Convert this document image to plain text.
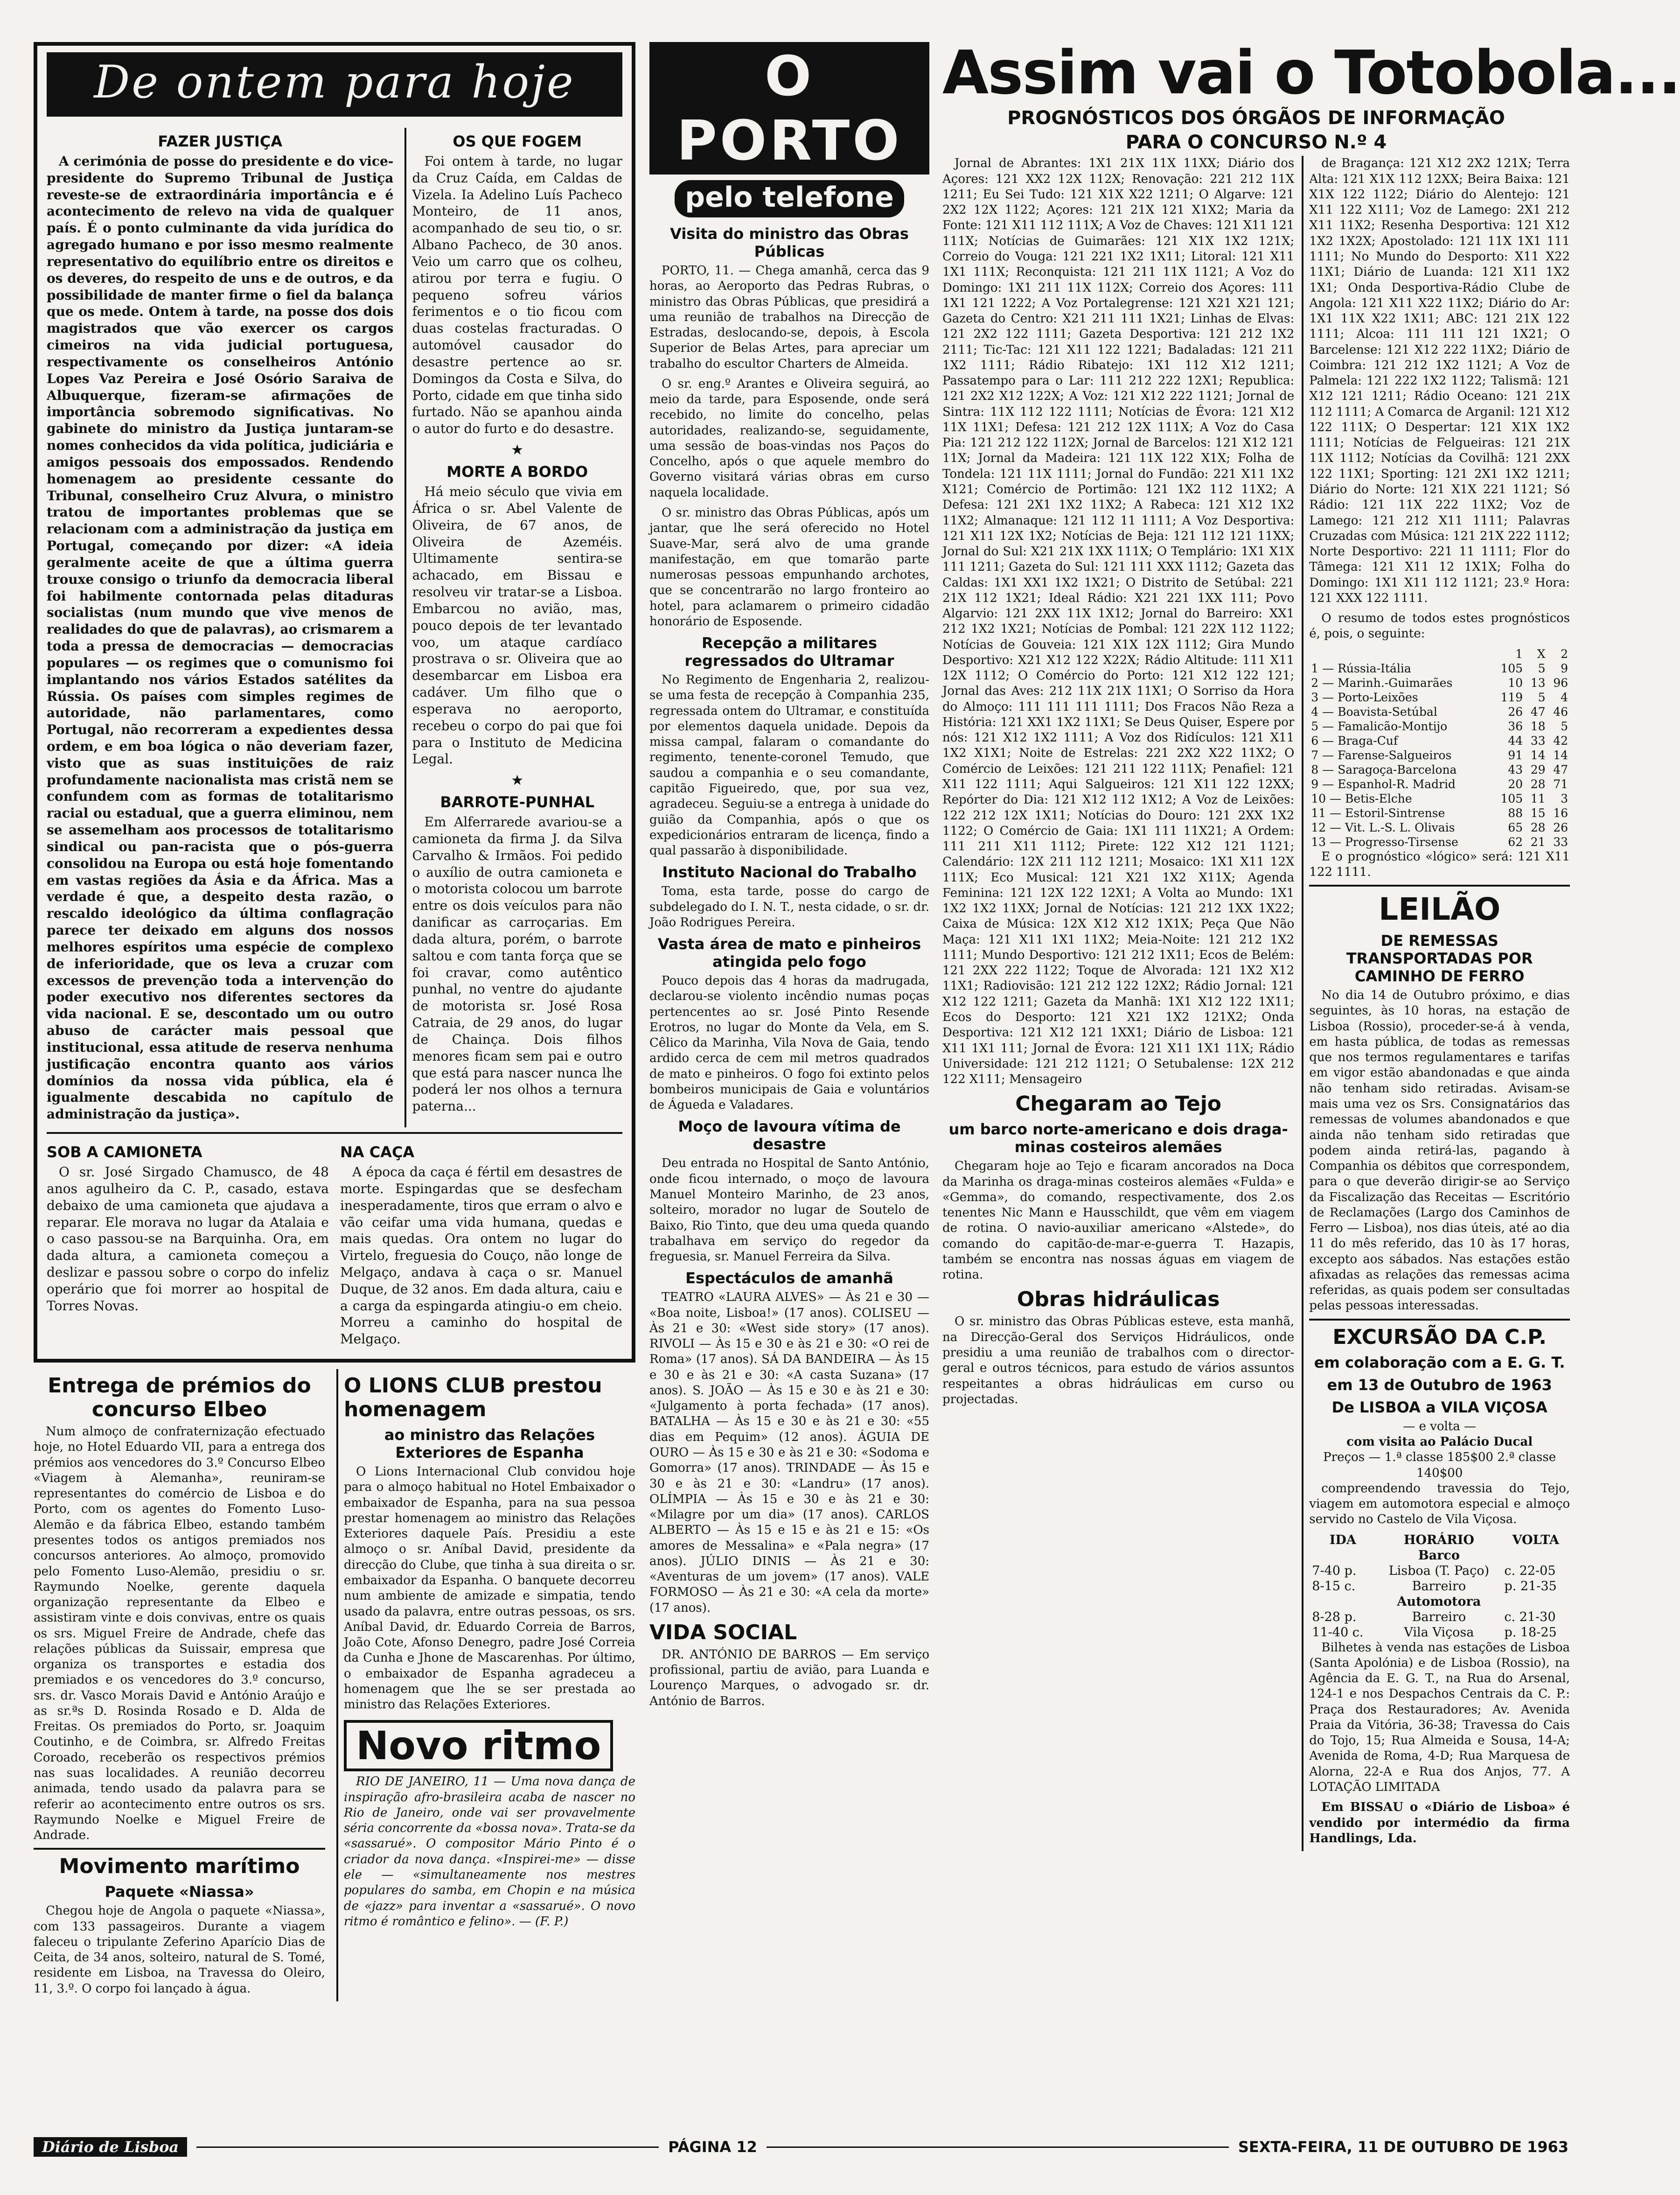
De ontem para hoje
FAZER JUSTIÇA

A cerimónia de posse do presidente e do vice-presidente do Supremo Tribunal de Justiça reveste-se de extraordinária importância e é acontecimento de relevo na vida de qualquer país. É o ponto culminante da vida jurídica do agregado humano e por isso mesmo realmente representativo do equilíbrio entre os direitos e os deveres, do respeito de uns e de outros, e da possibilidade de manter firme o fiel da balança que os mede. Ontem à tarde, na posse dos dois magistrados que vão exercer os cargos cimeiros na vida judicial portuguesa, respectivamente os conselheiros António Lopes Vaz Pereira e José Osório Saraiva de Albuquerque, fizeram-se afirmações de importância sobremodo significativas. No gabinete do ministro da Justiça juntaram-se nomes conhecidos da vida política, judiciária e amigos pessoais dos empossados. Rendendo homenagem ao presidente cessante do Tribunal, conselheiro Cruz Alvura, o ministro tratou de importantes problemas que se relacionam com a administração da justiça em Portugal, começando por dizer: «A ideia geralmente aceite de que a última guerra trouxe consigo o triunfo da democracia liberal foi habilmente contornada pelas ditaduras socialistas (num mundo que vive menos de realidades do que de palavras), ao crismarem a toda a pressa de democracias — democracias populares — os regimes que o comunismo foi implantando nos vários Estados satélites da Rússia. Os países com simples regimes de autoridade, não parlamentares, como Portugal, não recorreram a expedientes dessa ordem, e em boa lógica o não deveriam fazer, visto que as suas instituições de raiz profundamente nacionalista mas cristã nem se confundem com as formas de totalitarismo racial ou estadual, que a guerra eliminou, nem se assemelham aos processos de totalitarismo sindical ou pan-racista que o pós-guerra consolidou na Europa ou está hoje fomentando em vastas regiões da Ásia e da África. Mas a verdade é que, a despeito desta razão, o rescaldo ideológico da última conflagração parece ter deixado em alguns dos nossos melhores espíritos uma espécie de complexo de inferioridade, que os leva a cruzar com excessos de prevenção toda a intervenção do poder executivo nos diferentes sectores da vida nacional. E se, descontado um ou outro abuso de carácter mais pessoal que institucional, essa atitude de reserva nenhuma justificação encontra quanto aos vários domínios da nossa vida pública, ela é igualmente descabida no capítulo de administração da justiça».

OS QUE FOGEM

Foi ontem à tarde, no lugar da Cruz Caída, em Caldas de Vizela. Ia Adelino Luís Pacheco Monteiro, de 11 anos, acompanhado de seu tio, o sr. Albano Pacheco, de 30 anos. Veio um carro que os colheu, atirou por terra e fugiu. O pequeno sofreu vários ferimentos e o tio ficou com duas costelas fracturadas. O automóvel causador do desastre pertence ao sr. Domingos da Costa e Silva, do Porto, cidade em que tinha sido furtado. Não se apanhou ainda o autor do furto e do desastre.

★
MORTE A BORDO

Há meio século que vivia em África o sr. Abel Valente de Oliveira, de 67 anos, de Oliveira de Azeméis. Ultimamente sentira-se achacado, em Bissau e resolveu vir tratar-se a Lisboa. Embarcou no avião, mas, pouco depois de ter levantado voo, um ataque cardíaco prostrava o sr. Oliveira que ao desembarcar em Lisboa era cadáver. Um filho que o esperava no aeroporto, recebeu o corpo do pai que foi para o Instituto de Medicina Legal.

★
BARROTE-PUNHAL

Em Alferrarede avariou-se a camioneta da firma J. da Silva Carvalho & Irmãos. Foi pedido o auxílio de outra camioneta e o motorista colocou um barrote entre os dois veículos para não danificar as carroçarias. Em dada altura, porém, o barrote saltou e com tanta força que se foi cravar, como autêntico punhal, no ventre do ajudante de motorista sr. José Rosa Catraia, de 29 anos, do lugar de Chainça. Dois filhos menores ficam sem pai e outro que está para nascer nunca lhe poderá ler nos olhos a ternura paterna...

SOB A CAMIONETA

O sr. José Sirgado Chamusco, de 48 anos agulheiro da C. P., casado, estava debaixo de uma camioneta que ajudava a reparar. Ele morava no lugar da Atalaia e o caso passou-se na Barquinha. Ora, em dada altura, a camioneta começou a deslizar e passou sobre o corpo do infeliz operário que foi morrer ao hospital de Torres Novas.

NA CAÇA

A época da caça é fértil em desastres de morte. Espingardas que se desfecham inesperadamente, tiros que erram o alvo e vão ceifar uma vida humana, quedas e mais quedas. Ora ontem no lugar do Virtelo, freguesia do Couço, não longe de Melgaço, andava à caça o sr. Manuel Duque, de 32 anos. Em dada altura, caiu e a carga da espingarda atingiu-o em cheio. Morreu a caminho do hospital de Melgaço.

Entrega de prémios do concurso Elbeo

Num almoço de confraternização efectuado hoje, no Hotel Eduardo VII, para a entrega dos prémios aos vencedores do 3.º Concurso Elbeo «Viagem à Alemanha», reuniram-se representantes do comércio de Lisboa e do Porto, com os agentes do Fomento Luso-Alemão e da fábrica Elbeo, estando também presentes todos os antigos premiados nos concursos anteriores. Ao almoço, promovido pelo Fomento Luso-Alemão, presidiu o sr. Raymundo Noelke, gerente daquela organização representante da Elbeo e assistiram vinte e dois convivas, entre os quais os srs. Miguel Freire de Andrade, chefe das relações públicas da Suissair, empresa que organiza os transportes e estadia dos premiados e os vencedores do 3.º concurso, srs. dr. Vasco Morais David e António Araújo e as sr.ªs D. Rosinda Rosado e D. Alda de Freitas. Os premiados do Porto, sr. Joaquim Coutinho, e de Coimbra, sr. Alfredo Freitas Coroado, receberão os respectivos prémios nas suas localidades. A reunião decorreu animada, tendo usado da palavra para se referir ao acontecimento entre outros os srs. Raymundo Noelke e Miguel Freire de Andrade.

Movimento marítimo
Paquete «Niassa»

Chegou hoje de Angola o paquete «Niassa», com 133 passageiros. Durante a viagem faleceu o tripulante Zeferino Aparício Dias de Ceita, de 34 anos, solteiro, natural de S. Tomé, residente em Lisboa, na Travessa do Oleiro, 11, 3.º. O corpo foi lançado à água.

O LIONS CLUB prestou homenagem
ao ministro das Relações Exteriores de Espanha

O Lions Internacional Club convidou hoje para o almoço habitual no Hotel Embaixador o embaixador de Espanha, para na sua pessoa prestar homenagem ao ministro das Relações Exteriores daquele País. Presidiu a este almoço o sr. Aníbal David, presidente da direcção do Clube, que tinha à sua direita o sr. embaixador da Espanha. O banquete decorreu num ambiente de amizade e simpatia, tendo usado da palavra, entre outras pessoas, os srs. Aníbal David, dr. Eduardo Correia de Barros, João Cote, Afonso Denegro, padre José Correia da Cunha e Jhone de Mascarenhas. Por último, o embaixador de Espanha agradeceu a homenagem que lhe se ser prestada ao ministro das Relações Exteriores.

Novo ritmo

RIO DE JANEIRO, 11 — Uma nova dança de inspiração afro-brasileira acaba de nascer no Rio de Janeiro, onde vai ser provavelmente séria concorrente da «bossa nova». Trata-se da «sassarué». O compositor Mário Pinto é o criador da nova dança. «Inspirei-me» — disse ele — «simultaneamente nos mestres populares do samba, em Chopin e na música de «jazz» para inventar a «sassarué». O novo ritmo é romântico e felino». — (F. P.)

O PORTO
pelo telefone
Visita do ministro das Obras Públicas

PORTO, 11. — Chega amanhã, cerca das 9 horas, ao Aeroporto das Pedras Rubras, o ministro das Obras Públicas, que presidirá a uma reunião de trabalhos na Direcção de Estradas, deslocando-se, depois, à Escola Superior de Belas Artes, para apreciar um trabalho do escultor Charters de Almeida.

O sr. eng.º Arantes e Oliveira seguirá, ao meio da tarde, para Esposende, onde será recebido, no limite do concelho, pelas autoridades, realizando-se, seguidamente, uma sessão de boas-vindas nos Paços do Concelho, após o que aquele membro do Governo visitará várias obras em curso naquela localidade.

O sr. ministro das Obras Públicas, após um jantar, que lhe será oferecido no Hotel Suave-Mar, será alvo de uma grande manifestação, em que tomarão parte numerosas pessoas empunhando archotes, que se concentrarão no largo fronteiro ao hotel, para aclamarem o primeiro cidadão honorário de Esposende.

Recepção a militares regressados do Ultramar

No Regimento de Engenharia 2, realizou-se uma festa de recepção à Companhia 235, regressada ontem do Ultramar, e constituída por elementos daquela unidade. Depois da missa campal, falaram o comandante do regimento, tenente-coronel Temudo, que saudou a companhia e o seu comandante, capitão Figueiredo, que, por sua vez, agradeceu. Seguiu-se a entrega à unidade do guião da Companhia, após o que os expedicionários entraram de licença, findo a qual passarão à disponibilidade.

Instituto Nacional do Trabalho

Toma, esta tarde, posse do cargo de subdelegado do I. N. T., nesta cidade, o sr. dr. João Rodrigues Pereira.

Vasta área de mato e pinheiros atingida pelo fogo

Pouco depois das 4 horas da madrugada, declarou-se violento incêndio numas poças pertencentes ao sr. José Pinto Resende Erotros, no lugar do Monte da Vela, em S. Cêlico da Marinha, Vila Nova de Gaia, tendo ardido cerca de cem mil metros quadrados de mato e pinheiros. O fogo foi extinto pelos bombeiros municipais de Gaia e voluntários de Águeda e Valadares.

Moço de lavoura vítima de desastre

Deu entrada no Hospital de Santo António, onde ficou internado, o moço de lavoura Manuel Monteiro Marinho, de 23 anos, solteiro, morador no lugar de Soutelo de Baixo, Rio Tinto, que deu uma queda quando trabalhava em serviço do regedor da freguesia, sr. Manuel Ferreira da Silva.

Espectáculos de amanhã

TEATRO «LAURA ALVES» — Às 21 e 30 — «Boa noite, Lisboa!» (17 anos). COLISEU — Às 21 e 30: «West side story» (17 anos). RIVOLI — Às 15 e 30 e às 21 e 30: «O rei de Roma» (17 anos). SÁ DA BANDEIRA — Às 15 e 30 e às 21 e 30: «A casta Suzana» (17 anos). S. JOÃO — Às 15 e 30 e às 21 e 30: «Julgamento à porta fechada» (17 anos). BATALHA — Às 15 e 30 e às 21 e 30: «55 dias em Pequim» (12 anos). ÁGUIA DE OURO — Às 15 e 30 e às 21 e 30: «Sodoma e Gomorra» (17 anos). TRINDADE — Às 15 e 30 e às 21 e 30: «Landru» (17 anos). OLÍMPIA — Às 15 e 30 e às 21 e 30: «Milagre por um dia» (17 anos). CARLOS ALBERTO — Às 15 e 15 e às 21 e 15: «Os amores de Messalina» e «Pala negra» (17 anos). JÚLIO DINIS — Às 21 e 30: «Aventuras de um jovem» (17 anos). VALE FORMOSO — Às 21 e 30: «A cela da morte» (17 anos).

VIDA SOCIAL

DR. ANTÓNIO DE BARROS — Em serviço profissional, partiu de avião, para Luanda e Lourenço Marques, o advogado sr. dr. António de Barros.

Assim vai o Totobola...
PROGNÓSTICOS DOS ÓRGÃOS DE INFORMAÇÃO
PARA O CONCURSO N.º 4

Jornal de Abrantes: 1X1 21X 11X 11XX; Diário dos Açores: 121 XX2 12X 112X; Renovação: 221 212 11X 1211; Eu Sei Tudo: 121 X1X X22 1211; O Algarve: 121 2X2 12X 1122; Açores: 121 21X 121 X1X2; Maria da Fonte: 121 X11 112 111X; A Voz de Chaves: 121 X11 121 111X; Notícias de Guimarães: 121 X1X 1X2 121X; Correio do Vouga: 121 221 1X2 1X11; Litoral: 121 X11 1X1 111X; Reconquista: 121 211 11X 1121; A Voz do Domingo: 1X1 211 11X 112X; Correio dos Açores: 111 1X1 121 1222; A Voz Portalegrense: 121 X21 X21 121; Gazeta do Centro: X21 211 111 1X21; Linhas de Elvas: 121 2X2 122 1111; Gazeta Desportiva: 121 212 1X2 2111; Tic-Tac: 121 X11 122 1221; Badaladas: 121 211 1X2 1111; Rádio Ribatejo: 1X1 112 X12 1211; Passatempo para o Lar: 111 212 222 12X1; Republica: 121 2X2 X12 122X; A Voz: 121 X12 222 1121; Jornal de Sintra: 11X 112 122 1111; Notícias de Évora: 121 X12 11X 11X1; Defesa: 121 212 12X 111X; A Voz do Casa Pia: 121 212 122 112X; Jornal de Barcelos: 121 X12 121 11X; Jornal da Madeira: 121 11X 122 X1X; Folha de Tondela: 121 11X 1111; Jornal do Fundão: 221 X11 1X2 X121; Comércio de Portimão: 121 1X2 112 11X2; A Defesa: 121 2X1 1X2 11X2; A Rabeca: 121 X12 1X2 11X2; Almanaque: 121 112 11 1111; A Voz Desportiva: 121 X11 12X 1X2; Notícias de Beja: 121 112 121 11XX; Jornal do Sul: X21 21X 1XX 111X; O Templário: 1X1 X1X 111 1211; Gazeta do Sul: 121 111 XXX 1112; Gazeta das Caldas: 1X1 XX1 1X2 1X21; O Distrito de Setúbal: 221 21X 112 1X21; Ideal Rádio: X21 221 1XX 111; Povo Algarvio: 121 2XX 11X 1X12; Jornal do Barreiro: XX1 212 1X2 1X21; Notícias de Pombal: 121 22X 112 1122; Notícias de Gouveia: 121 X1X 12X 1112; Gira Mundo Desportivo: X21 X12 122 X22X; Rádio Altitude: 111 X11 12X 1112; O Comércio do Porto: 121 X12 122 121; Jornal das Aves: 212 11X 21X 11X1; O Sorriso da Hora do Almoço: 111 111 111 1111; Dos Fracos Não Reza a História: 121 XX1 1X2 11X1; Se Deus Quiser, Espere por nós: 121 X12 1X2 1111; A Voz dos Ridículos: 121 X11 1X2 X1X1; Noite de Estrelas: 221 2X2 X22 11X2; O Comércio de Leixões: 121 211 122 111X; Penafiel: 121 X11 122 1111; Aqui Salgueiros: 121 X11 122 12XX; Repórter do Dia: 121 X12 112 1X12; A Voz de Leixões: 122 212 12X 1X11; Notícias do Douro: 121 2XX 1X2 1122; O Comércio de Gaia: 1X1 111 11X21; A Ordem: 111 211 X11 1112; Pirete: 122 X12 121 1121; Calendário: 12X 211 112 1211; Mosaico: 1X1 X11 12X 111X; Eco Musical: 121 X21 1X2 X11X; Agenda Feminina: 121 12X 122 12X1; A Volta ao Mundo: 1X1 1X2 1X2 11XX; Jornal de Notícias: 121 212 1XX 1X22; Caixa de Música: 12X X12 X12 1X1X; Peça Que Não Maça: 121 X11 1X1 11X2; Meia-Noite: 121 212 1X2 1111; Mundo Desportivo: 121 212 1X11; Ecos de Belém: 121 2XX 222 1122; Toque de Alvorada: 121 1X2 X12 11X1; Radiovisão: 121 212 122 12X2; Rádio Jornal: 121 X12 122 1211; Gazeta da Manhã: 1X1 X12 122 1X11; Ecos do Desporto: 121 X21 1X2 121X2; Onda Desportiva: 121 X12 121 1XX1; Diário de Lisboa: 121 X11 1X1 111; Jornal de Évora: 121 X11 1X1 11X; Rádio Universidade: 121 212 1121; O Setubalense: 12X 212 122 X111; Mensageiro

Chegaram ao Tejo
um barco norte-americano e dois draga-minas costeiros alemães

Chegaram hoje ao Tejo e ficaram ancorados na Doca da Marinha os draga-minas costeiros alemães «Fulda» e «Gemma», do comando, respectivamente, dos 2.os tenentes Nic Mann e Hausschildt, que vêm em viagem de rotina. O navio-auxiliar americano «Alstede», do comando do capitão-de-mar-e-guerra T. Hazapis, também se encontra nas nossas águas em viagem de rotina.

Obras hidráulicas

O sr. ministro das Obras Públicas esteve, esta manhã, na Direcção-Geral dos Serviços Hidráulicos, onde presidiu a uma reunião de trabalhos com o director-geral e outros técnicos, para estudo de vários assuntos respeitantes a obras hidráulicas em curso ou projectadas.

de Bragança: 121 X12 2X2 121X; Terra Alta: 121 X1X 112 12XX; Beira Baixa: 121 X1X 122 1122; Diário do Alentejo: 121 X11 122 X111; Voz de Lamego: 2X1 212 X11 11X2; Resenha Desportiva: 121 X12 1X2 1X2X; Apostolado: 121 11X 1X1 111 1111; No Mundo do Desporto: X11 X22 11X1; Diário de Luanda: 121 X11 1X2 1X1; Onda Desportiva-Rádio Clube de Angola: 121 X11 X22 11X2; Diário do Ar: 1X1 11X X22 1X11; ABC: 121 21X 122 1111; Alcoa: 111 111 121 1X21; O Barcelense: 121 X12 222 11X2; Diário de Coimbra: 121 212 1X2 1121; A Voz de Palmela: 121 222 1X2 1122; Talismã: 121 X12 121 1211; Rádio Oceano: 121 21X 112 1111; A Comarca de Arganil: 121 X12 122 111X; O Despertar: 121 X1X 1X2 1111; Notícias de Felgueiras: 121 21X 11X 1112; Notícias da Covilhã: 121 2XX 122 11X1; Sporting: 121 2X1 1X2 1211; Diário do Norte: 121 X1X 221 1121; Só Rádio: 121 11X 222 11X2; Voz de Lamego: 121 212 X11 1111; Palavras Cruzadas com Música: 121 21X 222 1112; Norte Desportivo: 221 11 1111; Flor do Tâmega: 121 X11 12 1X1X; Folha do Domingo: 1X1 X11 112 1121; 23.º Hora: 121 XXX 122 1111.

O resumo de todos estes prognósticos é, pois, o seguinte:

	1	X	2
1 — Rússia-Itália	105	5	9
2 — Marinh.-Guimarães	10	13	96
3 — Porto-Leixões	119	5	4
4 — Boavista-Setúbal	26	47	46
5 — Famalicão-Montijo	36	18	5
6 — Braga-Cuf	44	33	42
7 — Farense-Salgueiros	91	14	14
8 — Saragoça-Barcelona	43	29	47
9 — Espanhol-R. Madrid	20	28	71
10 — Betis-Elche	105	11	3
11 — Estoril-Sintrense	88	15	16
12 — Vit. L.-S. L. Olivais	65	28	26
13 — Progresso-Tirsense	62	21	33

E o prognóstico «lógico» será: 121 X11 122 1111.

LEILÃO
DE REMESSAS TRANSPORTADAS POR CAMINHO DE FERRO

No dia 14 de Outubro próximo, e dias seguintes, às 10 horas, na estação de Lisboa (Rossio), proceder-se-á à venda, em hasta pública, de todas as remessas que nos termos regulamentares e tarifas em vigor estão abandonadas e que ainda não tenham sido retiradas. Avisam-se mais uma vez os Srs. Consignatários das remessas de volumes abandonados e que ainda não tenham sido retiradas que podem ainda retirá-las, pagando à Companhia os débitos que correspondem, para o que deverão dirigir-se ao Serviço da Fiscalização das Receitas — Escritório de Reclamações (Largo dos Caminhos de Ferro — Lisboa), nos dias úteis, até ao dia 11 do mês referido, das 10 às 17 horas, excepto aos sábados. Nas estações estão afixadas as relações das remessas acima referidas, as quais podem ser consultadas pelas pessoas interessadas.

EXCURSÃO DA C.P.
em colaboração com a E. G. T.
em 13 de Outubro de 1963
De LISBOA a VILA VIÇOSA
— e volta —
com visita ao Palácio Ducal
Preços — 1.ª classe 185$00 2.ª classe 140$00

compreendendo travessia do Tejo, viagem em automotora especial e almoço servido no Castelo de Vila Viçosa.

IDA	HORÁRIO	VOLTA
	Barco	
7-40 p.	Lisboa (T. Paço)	c. 22-05
8-15 c.	Barreiro	p. 21-35
	Automotora	
8-28 p.	Barreiro	c. 21-30
11-40 c.	Vila Viçosa	p. 18-25

Bilhetes à venda nas estações de Lisboa (Santa Apolónia) e de Lisboa (Rossio), na Agência da E. G. T., na Rua do Arsenal, 124-1 e nos Despachos Centrais da C. P.: Praça dos Restauradores; Av. Avenida Praia da Vitória, 36-38; Travessa do Cais do Tojo, 15; Rua Almeida e Sousa, 14-A; Avenida de Roma, 4-D; Rua Marquesa de Alorna, 22-A e Rua dos Anjos, 77. A LOTAÇÃO LIMITADA

Em BISSAU o «Diário de Lisboa» é vendido por intermédio da firma Handlings, Lda.

Diário de Lisboa	PÁGINA 12	SEXTA-FEIRA, 11 DE OUTUBRO DE 1963
